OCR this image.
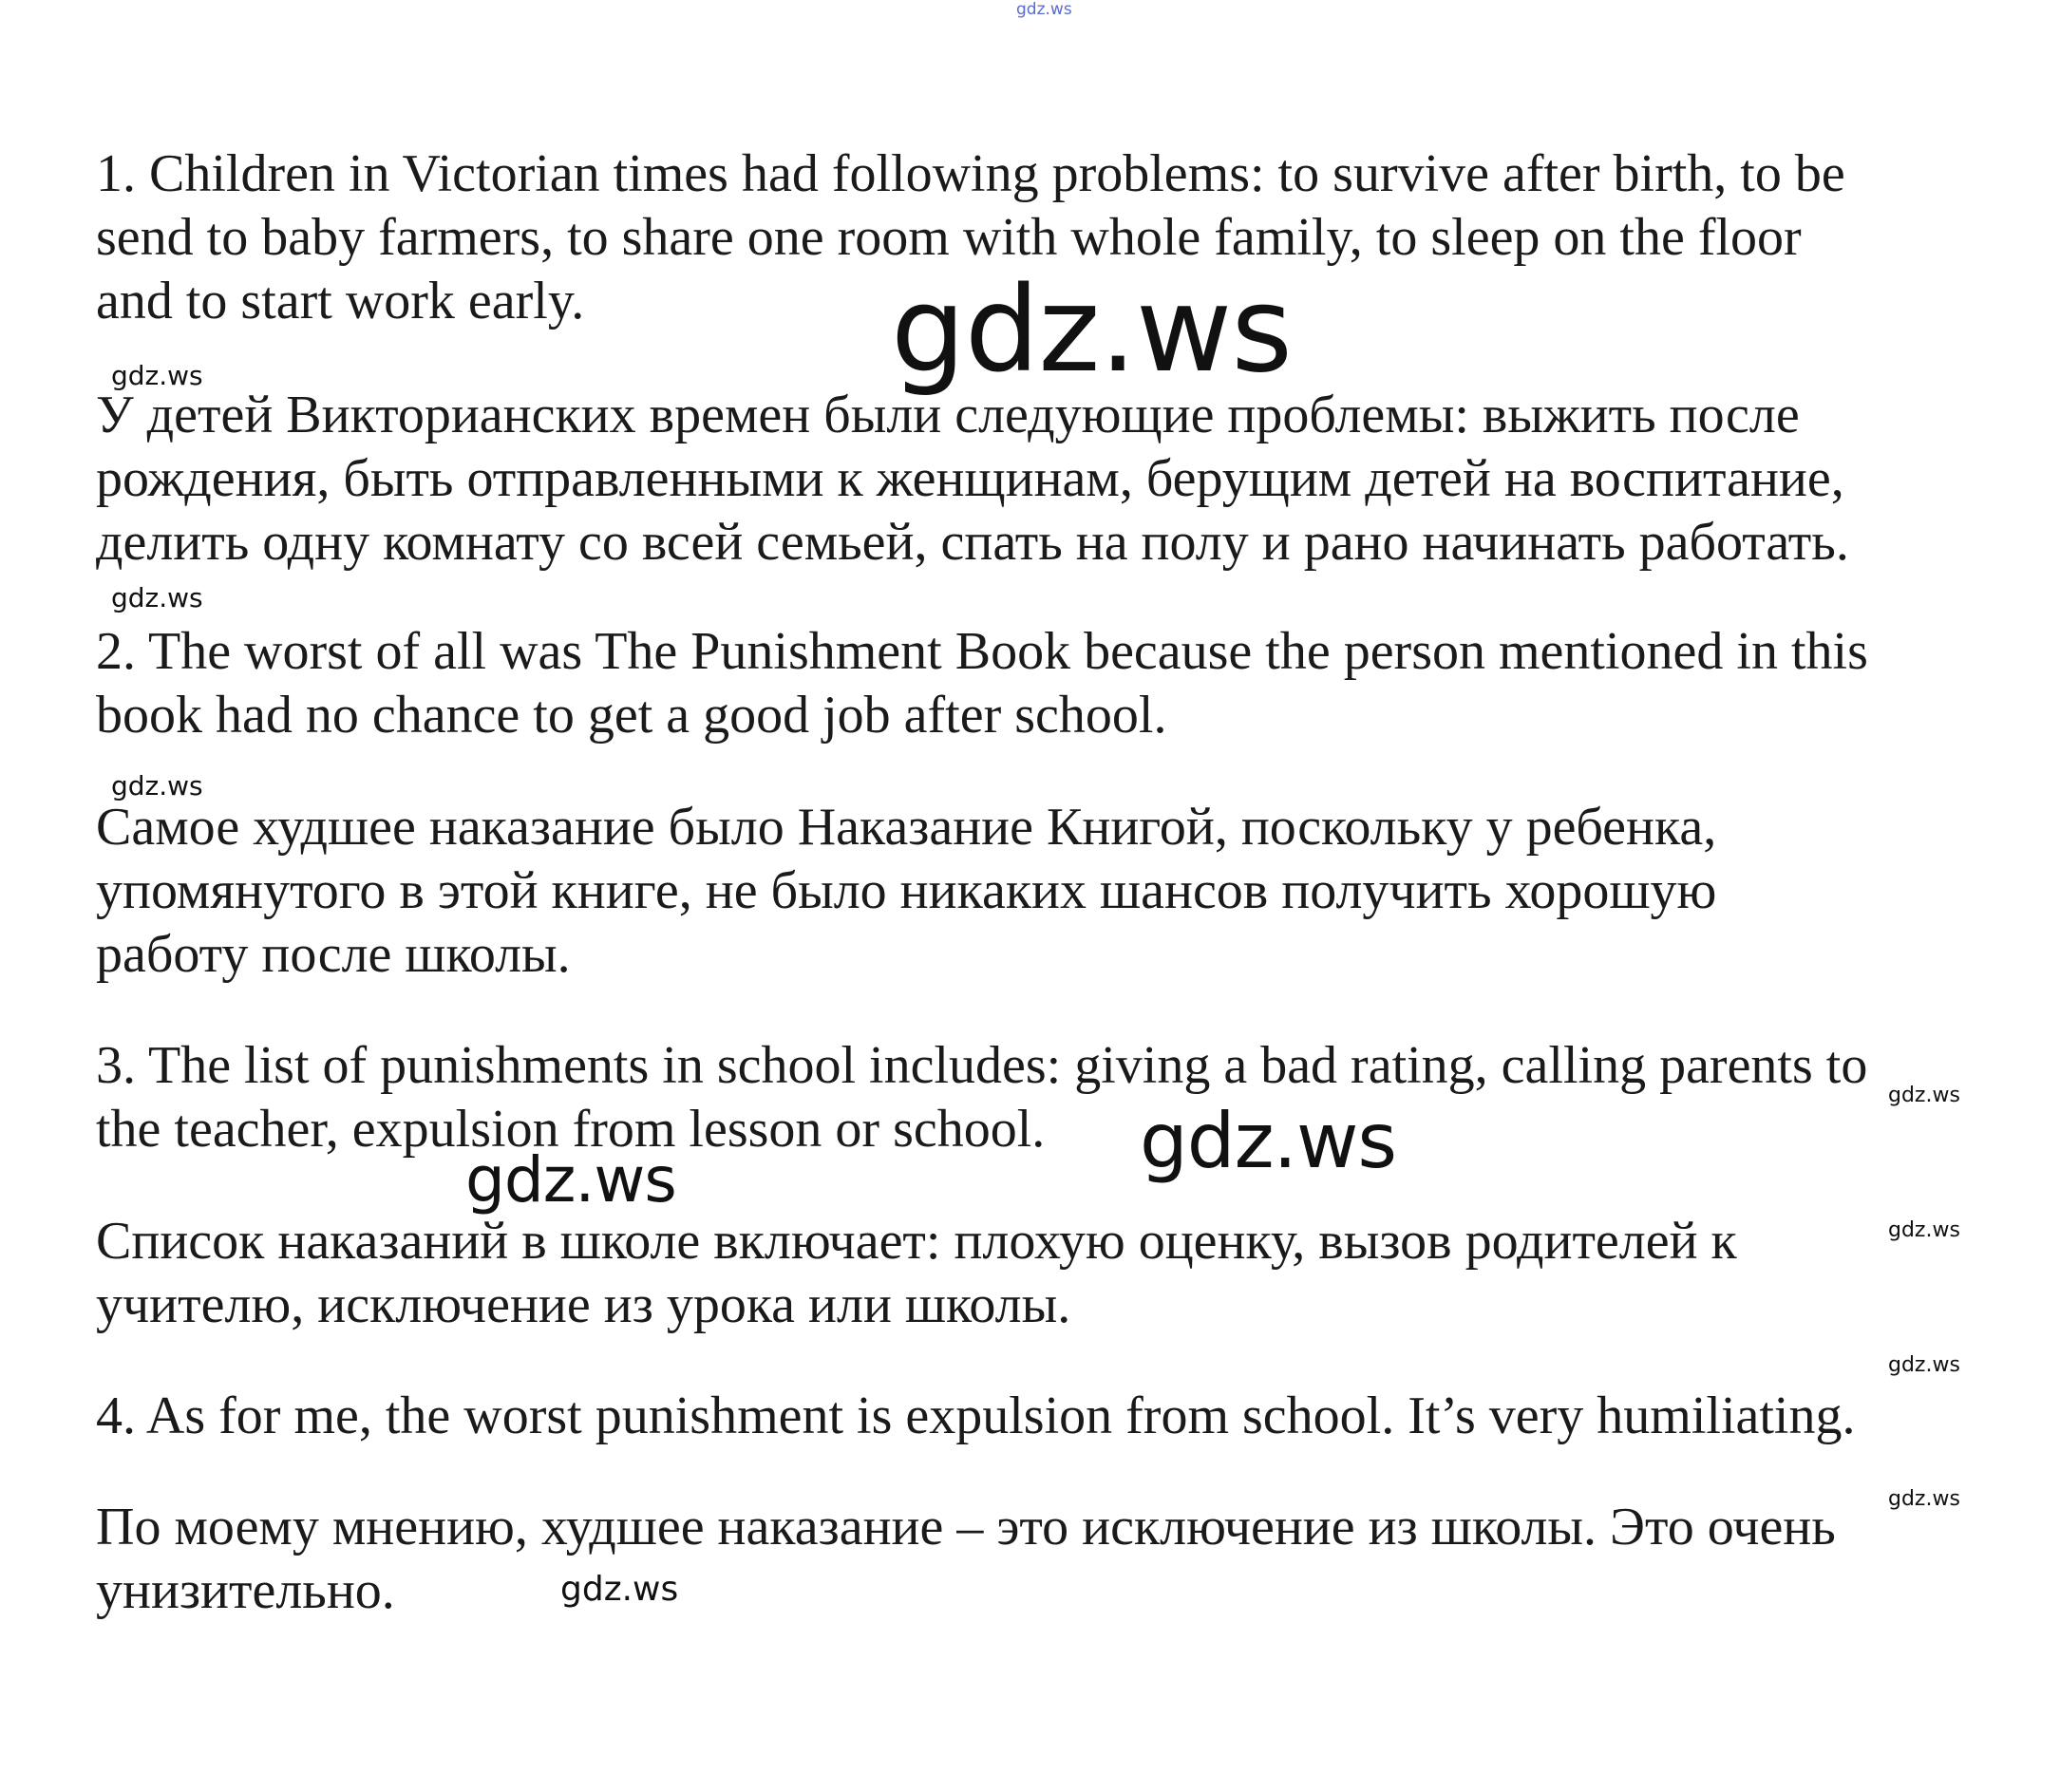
gdz.ws

1. Children in Victorian times had following problems: to survive after birth, to be
send to baby farmers, to share one room with whole family, to sleep on the floor
and to start work early.	gdz.ws
gdz.ws

У детей Викторианских времен были следующие проблемы: выжить после
рождения, быть отправленными к женщинам, берущим детей на воспитание,
делить одну комнату со всей семьей, спать на полу и рано начинать работать.

gdz.ws

2. The worst of all was The Punishment Book because the person mentioned in this
book had no chance to get a good job after school.

gdz.ws

Самое худшее наказание было Наказание Книгой, поскольку у ребенка,
упомянутого в этой книге, не было никаких шансов получить хорошую
работу после школы.

3. The list of punishments in school includes: giving a bad rating, calling parents to
the teacher, expulsion from lesson or school.

gdz.ws
gdz.ws
gdz.ws

Список наказаний в школе включает: плохую оценку, вызов родителей к
учителю, исключение из урока или школы.

gdz.ws
gdz.ws

4. As for me, the worst punishment is expulsion from school. It’s very humiliating.

gdz.ws

По моему мнению, худшее наказание – это исключение из школы. Это очень
унизительно.	gdz.ws
